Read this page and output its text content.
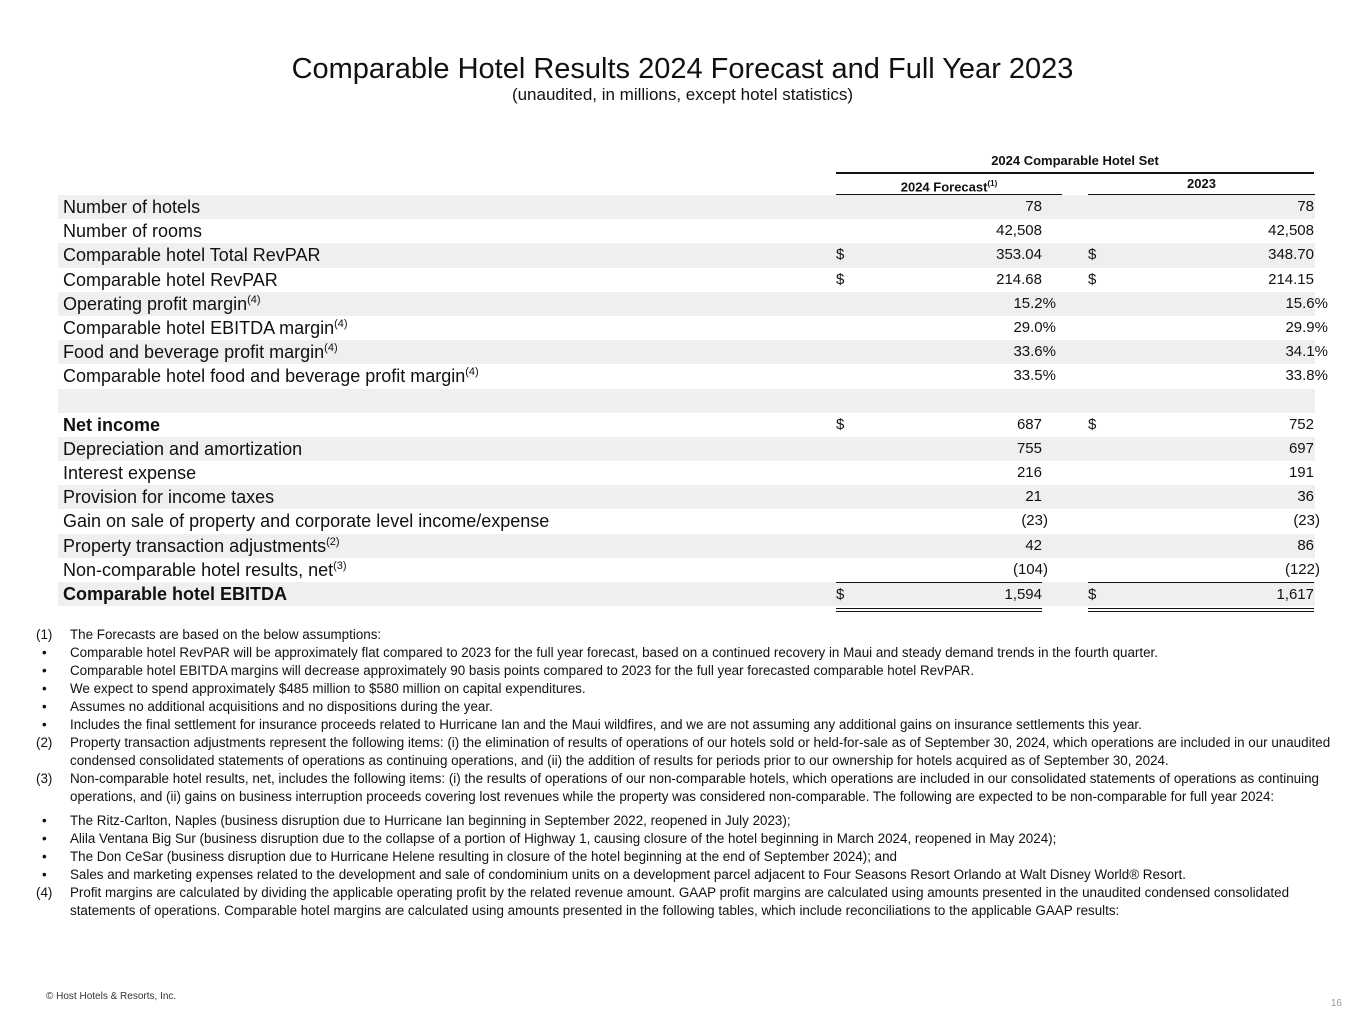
Comparable Hotel Results 2024 Forecast and Full Year 2023
(unaudited, in millions, except hotel statistics)
2024 Comparable Hotel Set
2024 Forecast$^{(1)}$	2023
Number of hotels	78	78
Number of rooms	42,508	42,508
Comparable hotel Total RevPAR	$	353.04	$	348.70
Comparable hotel RevPAR	$	214.68	$	214.15
Operating profit margin$^{(4)}$	15.2%	15.6%
Comparable hotel EBITDA margin$^{(4)}$	29.0%	29.9%
Food and beverage profit margin$^{(4)}$	33.6%	34.1%
Comparable hotel food and beverage profit margin$^{(4)}$	33.5%	33.8%
Net income	$	687	$	752
Depreciation and amortization	755	697
Interest expense	216	191
Provision for income taxes	21	36
Gain on sale of property and corporate level income/expense	(23)	(23)
Property transaction adjustments$^{(2)}$	42	86
Non-comparable hotel results, net$^{(3)}$	(104)	(122)
Comparable hotel EBITDA	$	1,594	$	1,617
(1) The Forecasts are based on the below assumptions:
• Comparable hotel RevPAR will be approximately flat compared to 2023 for the full year forecast, based on a continued recovery in Maui and steady demand trends in the fourth quarter.
• Comparable hotel EBITDA margins will decrease approximately 90 basis points compared to 2023 for the full year forecasted comparable hotel RevPAR.
• We expect to spend approximately $485 million to $580 million on capital expenditures.
• Assumes no additional acquisitions and no dispositions during the year.
• Includes the final settlement for insurance proceeds related to Hurricane Ian and the Maui wildfires, and we are not assuming any additional gains on insurance settlements this year.
(2) Property transaction adjustments represent the following items: (i) the elimination of results of operations of our hotels sold or held-for-sale as of September 30, 2024, which operations are included in our unaudited condensed consolidated statements of operations as continuing operations, and (ii) the addition of results for periods prior to our ownership for hotels acquired as of September 30, 2024.
(3) Non-comparable hotel results, net, includes the following items: (i) the results of operations of our non-comparable hotels, which operations are included in our consolidated statements of operations as continuing operations, and (ii) gains on business interruption proceeds covering lost revenues while the property was considered non-comparable. The following are expected to be non-comparable for full year 2024:
• The Ritz-Carlton, Naples (business disruption due to Hurricane Ian beginning in September 2022, reopened in July 2023);
• Alila Ventana Big Sur (business disruption due to the collapse of a portion of Highway 1, causing closure of the hotel beginning in March 2024, reopened in May 2024);
• The Don CeSar (business disruption due to Hurricane Helene resulting in closure of the hotel beginning at the end of September 2024); and
• Sales and marketing expenses related to the development and sale of condominium units on a development parcel adjacent to Four Seasons Resort Orlando at Walt Disney World® Resort.
(4) Profit margins are calculated by dividing the applicable operating profit by the related revenue amount. GAAP profit margins are calculated using amounts presented in the unaudited condensed consolidated statements of operations. Comparable hotel margins are calculated using amounts presented in the following tables, which include reconciliations to the applicable GAAP results:
© Host Hotels & Resorts, Inc.
16
